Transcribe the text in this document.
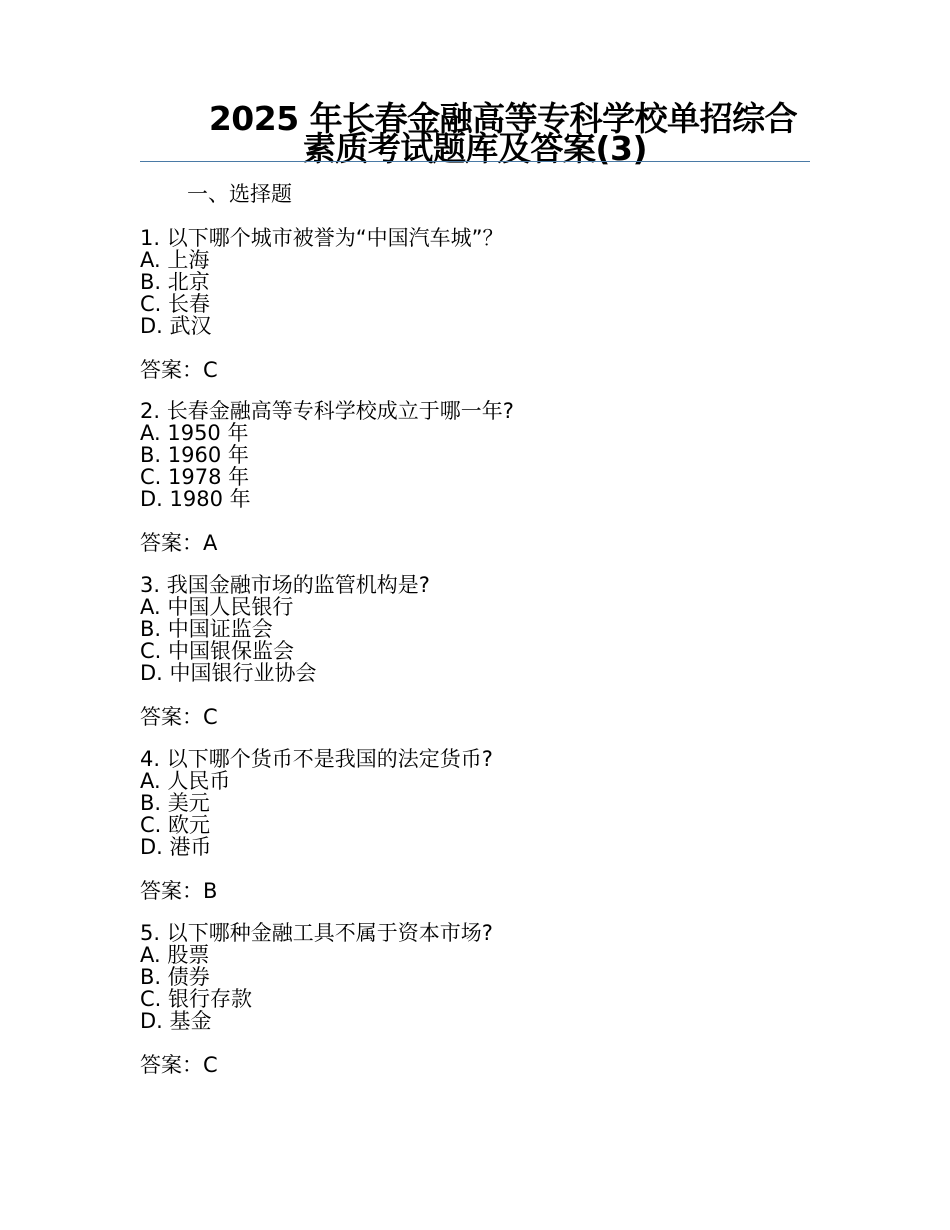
2025 年长春金融高等专科学校单招综合
素质考试题库及答案(3)
一、选择题
1. 以下哪个城市被誉为“中国汽车城”？
A. 上海
B. 北京
C. 长春
D. 武汉
答案：C
2. 长春金融高等专科学校成立于哪一年?
A. 1950 年
B. 1960 年
C. 1978 年
D. 1980 年
答案：A
3. 我国金融市场的监管机构是?
A. 中国人民银行
B. 中国证监会
C. 中国银保监会
D. 中国银行业协会
答案：C
4. 以下哪个货币不是我国的法定货币?
A. 人民币
B. 美元
C. 欧元
D. 港币
答案：B
5. 以下哪种金融工具不属于资本市场?
A. 股票
B. 债券
C. 银行存款
D. 基金
答案：C
